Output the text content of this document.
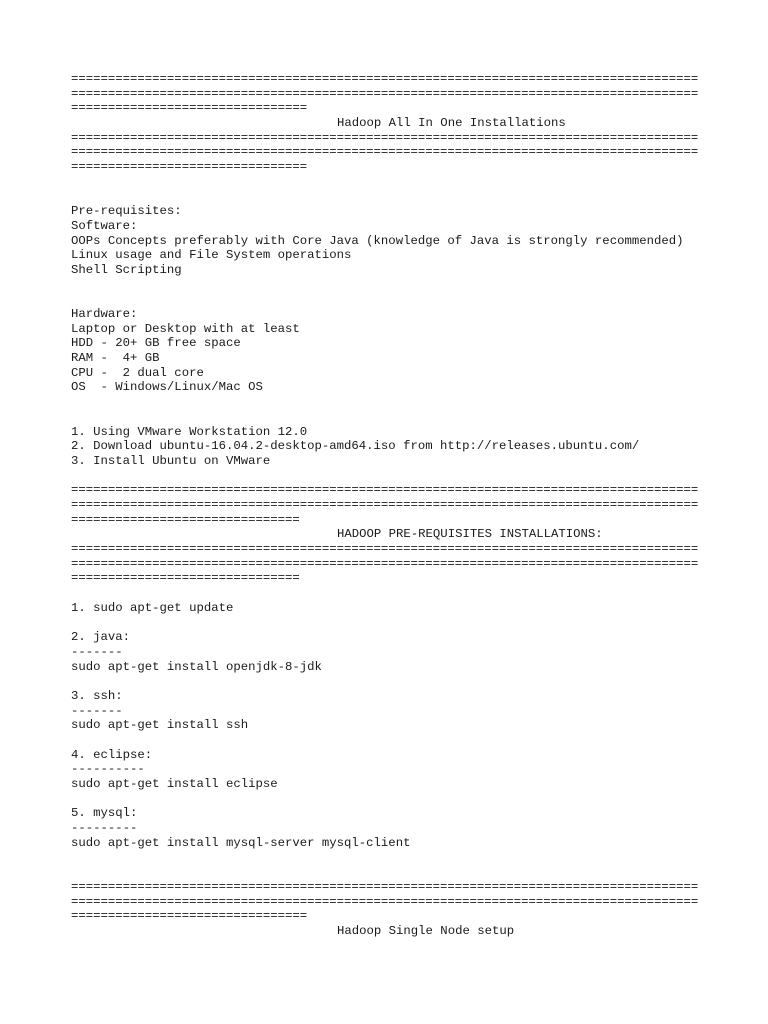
=====================================================================================
=====================================================================================
================================
Hadoop All In One Installations
=====================================================================================
=====================================================================================
================================
Pre-requisites:
Software:
OOPs Concepts preferably with Core Java (knowledge of Java is strongly recommended)
Linux usage and File System operations
Shell Scripting
Hardware:
Laptop or Desktop with at least
HDD - 20+ GB free space
RAM -  4+ GB
CPU -  2 dual core
OS  - Windows/Linux/Mac OS
1. Using VMware Workstation 12.0
2. Download ubuntu-16.04.2-desktop-amd64.iso from http://releases.ubuntu.com/
3. Install Ubuntu on VMware
=====================================================================================
=====================================================================================
===============================
HADOOP PRE-REQUISITES INSTALLATIONS:
=====================================================================================
=====================================================================================
===============================
1. sudo apt-get update
2. java:
-------
sudo apt-get install openjdk-8-jdk
3. ssh:
-------
sudo apt-get install ssh
4. eclipse:
----------
sudo apt-get install eclipse
5. mysql:
---------
sudo apt-get install mysql-server mysql-client
=====================================================================================
=====================================================================================
================================
Hadoop Single Node setup
